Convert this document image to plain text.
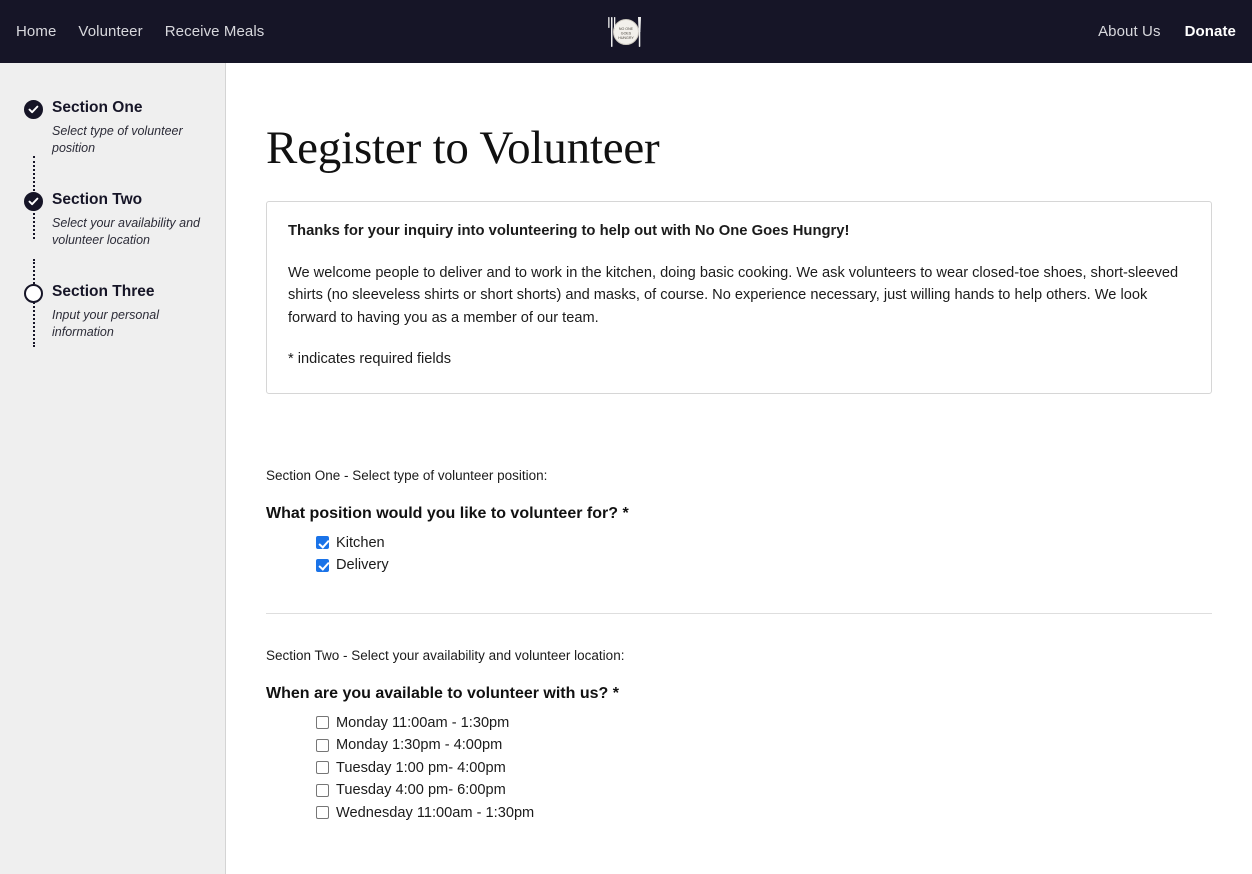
Home Volunteer Receive Meals	NO ONE
GOES
HUNGRY	About Us Donate
Section One
Select type of volunteer position
Section Two
Select your availability and volunteer location
Section Three
Input your personal information
Register to Volunteer

Thanks for your inquiry into volunteering to help out with No One Goes Hungry!

We welcome people to deliver and to work in the kitchen, doing basic cooking. We ask volunteers to wear closed-toe shoes, short-sleeved shirts (no sleeveless shirts or short shorts) and masks, of course. No experience necessary, just willing hands to help others. We look forward to having you as a member of our team.

* indicates required fields

Section One - Select type of volunteer position:
What position would you like to volunteer for? *
Kitchen
Delivery
Section Two - Select your availability and volunteer location:
When are you available to volunteer with us? *
Monday 11:00am - 1:30pm
Monday 1:30pm - 4:00pm
Tuesday 1:00 pm- 4:00pm
Tuesday 4:00 pm- 6:00pm
Wednesday 11:00am - 1:30pm
